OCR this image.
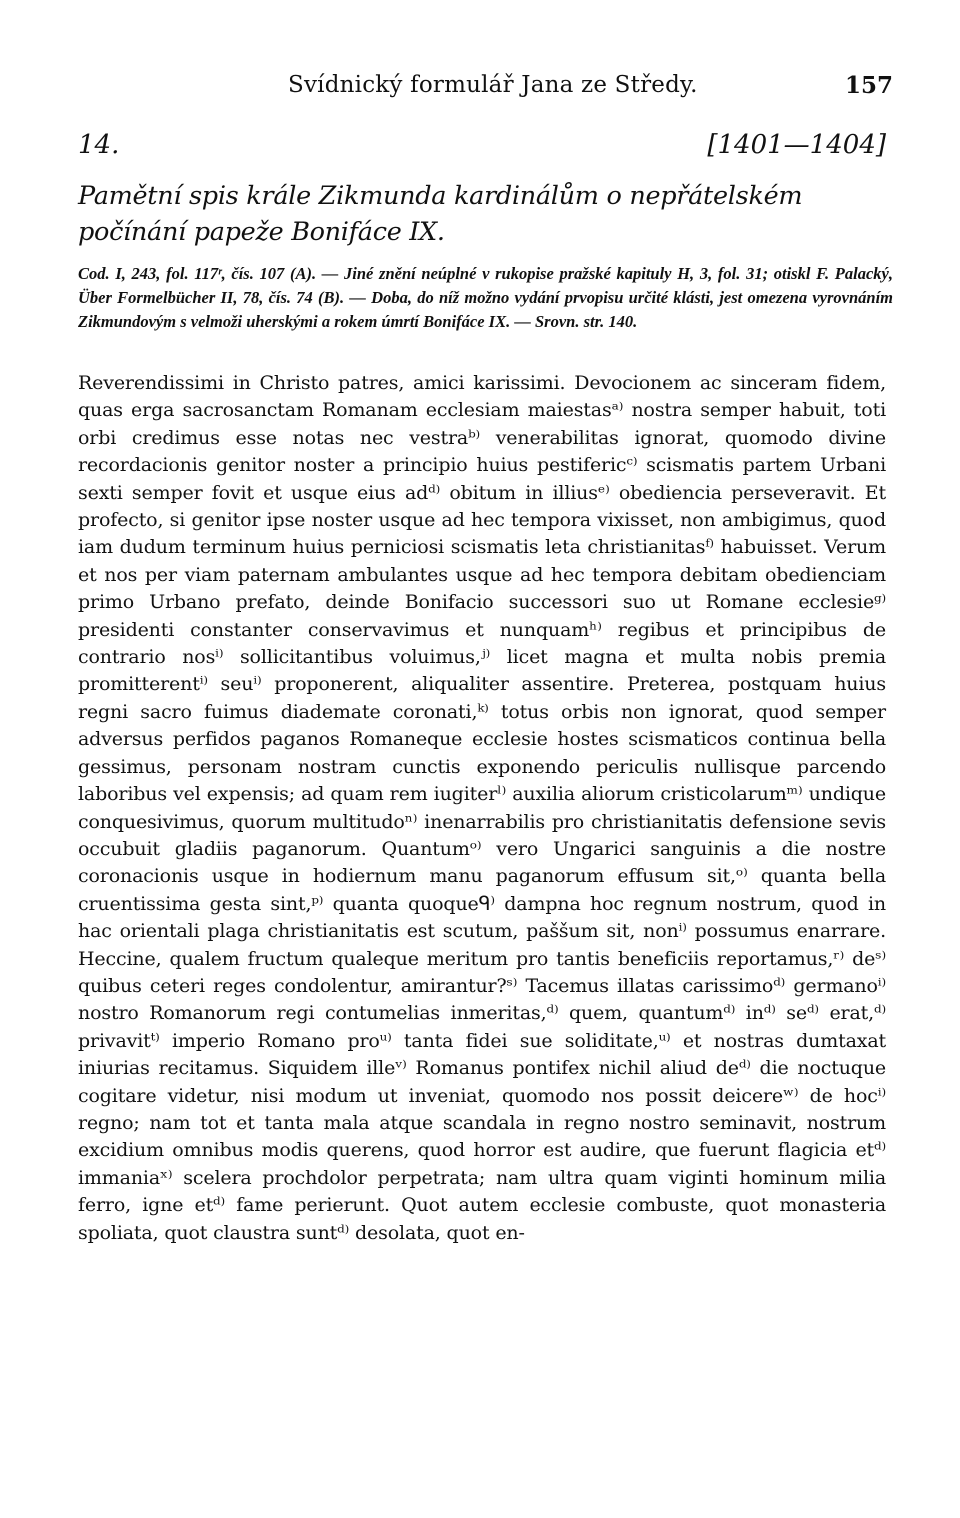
Svídnický formulář Jana ze Středy.	157
14.	[1401—1404]
Pamětní spis krále Zikmunda kardinálům o nepřátelském počínání papeže Bonifáce IX.

Cod. I, 243, fol. 117ʳ, čís. 107 (A). — Jiné znění neúplné v rukopise pražské kapituly H, 3, fol. 31; otiskl F. Palacký, Über Formelbücher II, 78, čís. 74 (B). — Doba, do níž možno vydání prvopisu určité klásti, jest omezena vyrovnáním Zikmundovým s velmoži uherskými a rokem úmrtí Bonifáce IX. — Srovn. str. 140.

Reverendissimi in Christo patres, amici karissimi. Devocionem ac sinceram fidem, quas erga sacrosanctam Romanam ecclesiam maiestasᵃ⁾ nostra semper habuit, toti orbi credimus esse notas nec vestraᵇ⁾ venerabilitas ignorat, quomodo divine recordacionis genitor noster a principio huius pestifericᶜ⁾ scismatis partem Urbani sexti semper fovit et usque eius adᵈ⁾ obitum in illiusᵉ⁾ obediencia perseveravit. Et profecto, si genitor ipse noster usque ad hec tempora vixisset, non ambigimus, quod iam dudum terminum huius perniciosi scismatis leta christianitasᶠ⁾ habuisset. Verum et nos per viam paternam ambulantes usque ad hec tempora debitam obedienciam primo Urbano prefato, deinde Bonifacio successori suo ut Romane ecclesieᵍ⁾ presidenti constanter conservavimus et nunquamʰ⁾ regibus et principibus de contrario nosⁱ⁾ sollicitantibus voluimus,ʲ⁾ licet magna et multa nobis premia promitterentⁱ⁾ seuⁱ⁾ proponerent, aliqualiter assentire. Preterea, postquam huius regni sacro fuimus diademate coronati,ᵏ⁾ totus orbis non ignorat, quod semper adversus perfidos paganos Romaneque ecclesie hostes scismaticos continua bella gessimus, personam nostram cunctis exponendo periculis nullisque parcendo laboribus vel expensis; ad quam rem iugiterˡ⁾ auxilia aliorum cristicolarumᵐ⁾ undique conquesivimus, quorum multitudoⁿ⁾ inenarrabilis pro christianitatis defensione sevis occubuit gladiis paganorum. Quantumᵒ⁾ vero Ungarici sanguinis a die nostre coronacionis usque in hodiernum manu paganorum effusum sit,ᵒ⁾ quanta bella cruentissima gesta sint,ᵖ⁾ quanta quoqueᑫ⁾ dampna hoc regnum nostrum, quod in hac orientali plaga christianitatis est scutum, paššum sit, nonⁱ⁾ possumus enarrare. Heccine, qualem fructum qualeque meritum pro tantis beneficiis reportamus,ʳ⁾ deˢ⁾ quibus ceteri reges condolentur, amirantur?ˢ⁾ Tacemus illatas carissimoᵈ⁾ germanoⁱ⁾ nostro Romanorum regi contumelias inmeritas,ᵈ⁾ quem, quantumᵈ⁾ inᵈ⁾ seᵈ⁾ erat,ᵈ⁾ privavitᵗ⁾ imperio Romano proᵘ⁾ tanta fidei sue soliditate,ᵘ⁾ et nostras dumtaxat iniurias recitamus. Siquidem illeᵛ⁾ Romanus pontifex nichil aliud deᵈ⁾ die noctuque cogitare videtur, nisi modum ut inveniat, quomodo nos possit deicereʷ⁾ de hocⁱ⁾ regno; nam tot et tanta mala atque scandala in regno nostro seminavit, nostrum excidium omnibus modis querens, quod horror est audire, que fuerunt flagicia etᵈ⁾ immaniaˣ⁾ scelera prochdolor perpetrata; nam ultra quam viginti hominum milia ferro, igne etᵈ⁾ fame perierunt. Quot autem ecclesie combuste, quot monasteria spoliata, quot claustra suntᵈ⁾ desolata, quot en-
